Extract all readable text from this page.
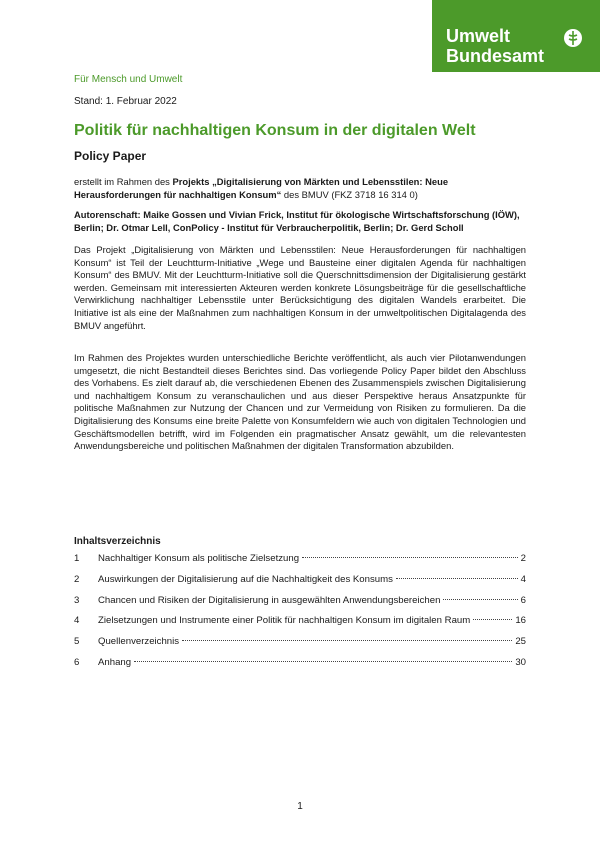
Umwelt
Bundesamt
Für Mensch und Umwelt
Stand: 1. Februar 2022
Politik für nachhaltigen Konsum in der digitalen Welt
Policy Paper

erstellt im Rahmen des Projekts „Digitalisierung von Märkten und Lebensstilen: Neue Herausforderungen für nachhaltigen Konsum“ des BMUV (FKZ 3718 16 314 0)

Autorenschaft: Maike Gossen und Vivian Frick, Institut für ökologische Wirtschaftsforschung (IÖW), Berlin; Dr. Otmar Lell, ConPolicy - Institut für Verbraucherpolitik, Berlin; Dr. Gerd Scholl

Das Projekt „Digitalisierung von Märkten und Lebensstilen: Neue Herausforderungen für nachhaltigen Konsum“ ist Teil der Leuchtturm-Initiative „Wege und Bausteine einer digitalen Agenda für nachhaltigen Konsum“ des BMUV. Mit der Leuchtturm-Initiative soll die Querschnittsdimension der Digitalisierung gestärkt werden. Gemeinsam mit interessierten Akteuren werden konkrete Lösungsbeiträge für die gesellschaftliche Verwirklichung nachhaltiger Lebensstile unter Berücksichtigung des digitalen Wandels erarbeitet. Die Initiative ist als eine der Maßnahmen zum nachhaltigen Konsum in der umweltpolitischen Digitalagenda des BMUV angeführt.

Im Rahmen des Projektes wurden unterschiedliche Berichte veröffentlicht, als auch vier Pilotanwendungen umgesetzt, die nicht Bestandteil dieses Berichtes sind. Das vorliegende Policy Paper bildet den Abschluss des Vorhabens. Es zielt darauf ab, die verschiedenen Ebenen des Zusammenspiels zwischen Digitalisierung und nachhaltigem Konsum zu veranschaulichen und aus dieser Perspektive heraus Ansatzpunkte für politische Maßnahmen zur Nutzung der Chancen und zur Vermeidung von Risiken zu formulieren. Da die Digitalisierung des Konsums eine breite Palette von Konsumfeldern wie auch von digitalen Technologien und Geschäftsmodellen betrifft, wird im Folgenden ein pragmatischer Ansatz gewählt, um die relevantesten Anwendungsbereiche und politischen Maßnahmen der digitalen Transformation abzubilden.

Inhaltsverzeichnis
1	Nachhaltiger Konsum als politische Zielsetzung	2
2	Auswirkungen der Digitalisierung auf die Nachhaltigkeit des Konsums	4
3	Chancen und Risiken der Digitalisierung in ausgewählten Anwendungsbereichen	6
4	Zielsetzungen und Instrumente einer Politik für nachhaltigen Konsum im digitalen Raum	16
5	Quellenverzeichnis	25
6	Anhang	30
1
